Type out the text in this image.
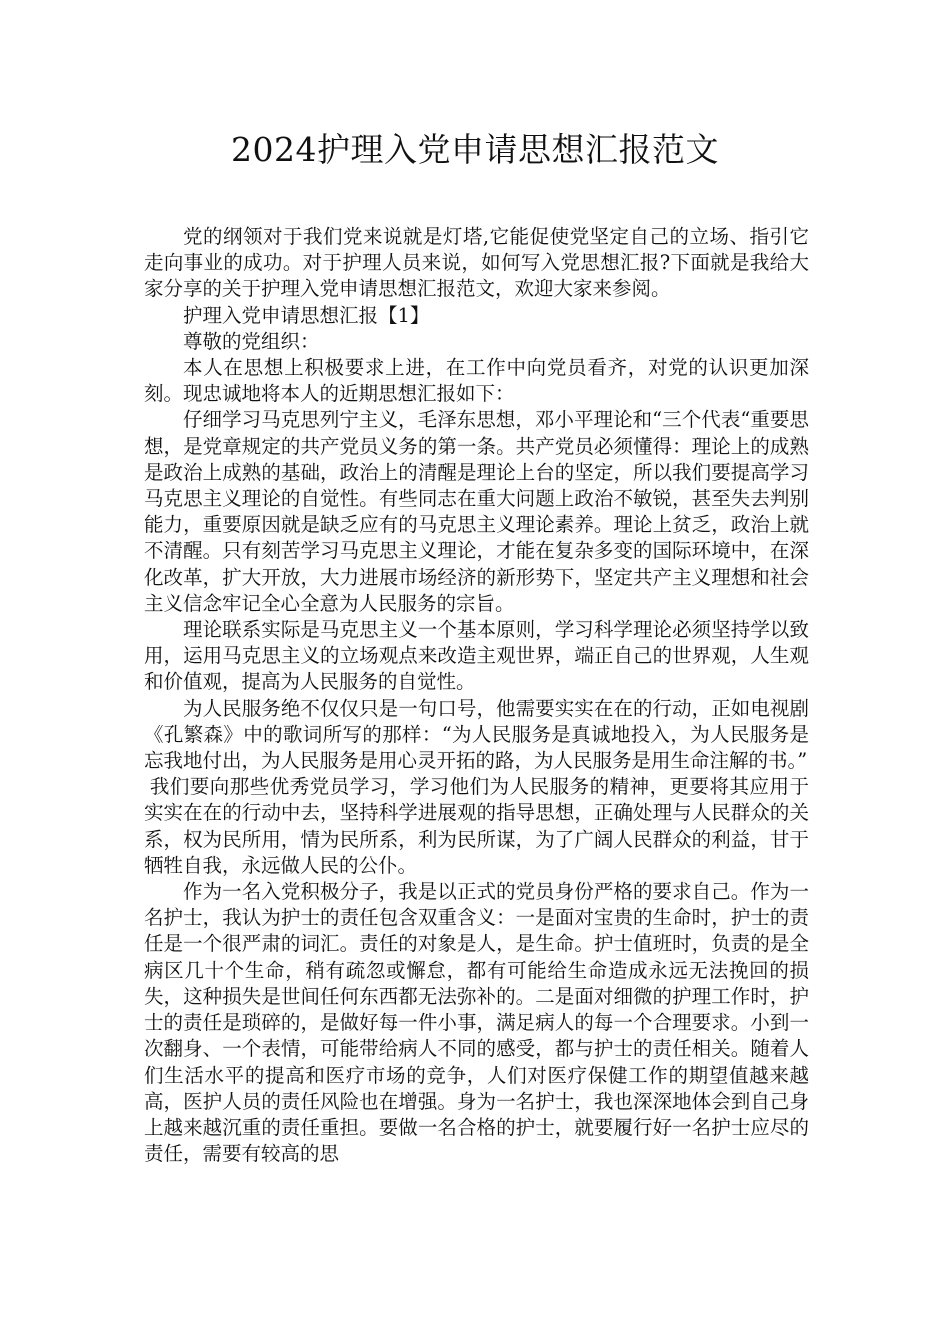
2024护理入党申请思想汇报范文

党的纲领对于我们党来说就是灯塔,它能促使党坚定自己的立场、指引它走向事业的成功。对于护理人员来说，如何写入党思想汇报?下面就是我给大家分享的关于护理入党申请思想汇报范文，欢迎大家来参阅。

护理入党申请思想汇报【1】

尊敬的党组织：

本人在思想上积极要求上进，在工作中向党员看齐，对党的认识更加深刻。现忠诚地将本人的近期思想汇报如下：

仔细学习马克思列宁主义，毛泽东思想，邓小平理论和“三个代表“重要思想，是党章规定的共产党员义务的第一条。共产党员必须懂得：理论上的成熟是政治上成熟的基础，政治上的清醒是理论上台的坚定，所以我们要提高学习马克思主义理论的自觉性。有些同志在重大问题上政治不敏锐，甚至失去判别能力，重要原因就是缺乏应有的马克思主义理论素养。理论上贫乏，政治上就不清醒。只有刻苦学习马克思主义理论，才能在复杂多变的国际环境中，在深化改革，扩大开放，大力进展市场经济的新形势下，坚定共产主义理想和社会主义信念牢记全心全意为人民服务的宗旨。

理论联系实际是马克思主义一个基本原则，学习科学理论必须坚持学以致用，运用马克思主义的立场观点来改造主观世界，端正自己的世界观，人生观和价值观，提高为人民服务的自觉性。

为人民服务绝不仅仅只是一句口号，他需要实实在在的行动，正如电视剧《孔繁森》中的歌词所写的那样：“为人民服务是真诚地投入，为人民服务是忘我地付出，为人民服务是用心灵开拓的路，为人民服务是用生命注解的书。”

我们要向那些优秀党员学习，学习他们为人民服务的精神，更要将其应用于实实在在的行动中去，坚持科学进展观的指导思想，正确处理与人民群众的关系，权为民所用，情为民所系，利为民所谋，为了广阔人民群众的利益，甘于牺牲自我，永远做人民的公仆。

作为一名入党积极分子，我是以正式的党员身份严格的要求自己。作为一名护士，我认为护士的责任包含双重含义：一是面对宝贵的生命时，护士的责任是一个很严肃的词汇。责任的对象是人，是生命。护士值班时，负责的是全病区几十个生命，稍有疏忽或懈怠，都有可能给生命造成永远无法挽回的损失，这种损失是世间任何东西都无法弥补的。二是面对细微的护理工作时，护士的责任是琐碎的，是做好每一件小事，满足病人的每一个合理要求。小到一次翻身、一个表情，可能带给病人不同的感受，都与护士的责任相关。随着人们生活水平的提高和医疗市场的竞争，人们对医疗保健工作的期望值越来越高，医护人员的责任风险也在增强。身为一名护士，我也深深地体会到自己身上越来越沉重的责任重担。要做一名合格的护士，就要履行好一名护士应尽的责任，需要有较高的思
